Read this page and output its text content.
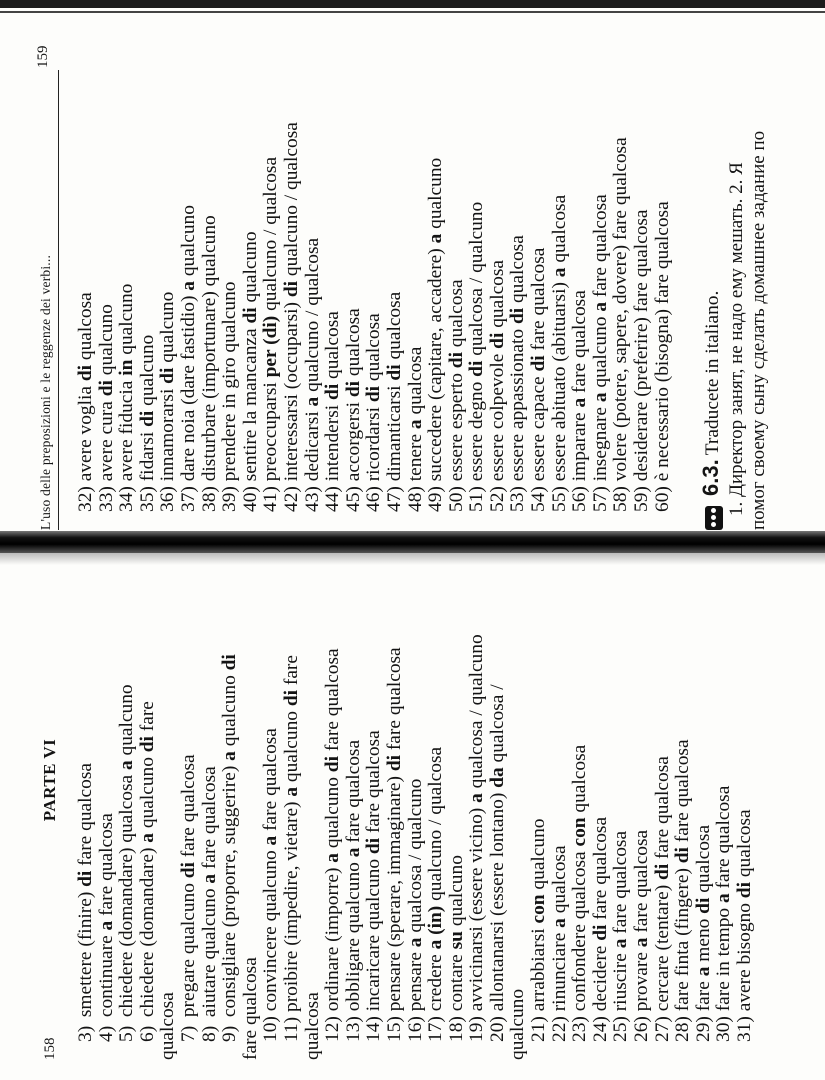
L'uso delle preposizioni e le reggenze dei verbi...
159
32) avere voglia di qualcosa
33) avere cura di qualcuno
34) avere fiducia in qualcuno
35) fidarsi di qualcuno
36) innamorarsi di qualcuno
37) dare noia (dare fastidio) a qualcuno
38) disturbare (importunare) qualcuno
39) prendere in giro qualcuno
40) sentire la mancanza di qualcuno
41) preoccuparsi per (di) qualcuno / qualcosa
42) interessarsi (occuparsi) di qualcuno / qualcosa
43) dedicarsi a qualcuno / qualcosa
44) intendersi di qualcosa
45) accorgersi di qualcosa
46) ricordarsi di qualcosa
47) dimanticarsi di qualcosa
48) tenere a qualcosa
49) succedere (capitare, accadere) a qualcuno
50) essere esperto di qualcosa
51) essere degno di qualcosa / qualcuno
52) essere colpevole di qualcosa
53) essere appassionato di qualcosa
54) essere capace di fare qualcosa
55) essere abituato (abituarsi) a qualcosa
56) imparare a fare qualcosa
57) insegnare a qualcuno a fare qualcosa
58) volere (potere, sapere, dovere) fare qualcosa
59) desiderare (preferire) fare qualcosa
60) è necessario (bisogna) fare qualcosa 6.3. Traducete in italiano. 1. Директор занят, не надо ему мешать. 2. Я помог своему сыну сделать домашнее задание по
158
PARTE VI
3) smettere (finire) di fare qualcosa
4) continuare a fare qualcosa
5) chiedere (domandare) qualcosa a qualcuno
6) chiedere (domandare) a qualcuno di fare
qualcosa 7) pregare qualcuno di fare qualcosa
8) aiutare qualcuno a fare qualcosa
9) consigliare (proporre, suggerire) a qualcuno di
fare qualcosa 10) convincere qualcuno a fare qualcosa
11) proibire (impedire, vietare) a qualcuno di fare
qualcosa 12) ordinare (imporre) a qualcuno di fare qualcosa
13) obbligare qualcuno a fare qualcosa
14) incaricare qualcuno di fare qualcosa
15) pensare (sperare, immaginare) di fare qualcosa
16) pensare a qualcosa / qualcuno
17) credere a (in) qualcuno / qualcosa
18) contare su qualcuno
19) avvicinarsi (essere vicino) a qualcosa / qualcuno
20) allontanarsi (essere lontano) da qualcosa /
qualcuno 21) arrabbiarsi con qualcuno
22) rinunciare a qualcosa
23) confondere qualcosa con qualcosa
24) decidere di fare qualcosa
25) riuscire a fare qualcosa
26) provare a fare qualcosa
27) cercare (tentare) di fare qualcosa
28) fare finta (fingere) di fare qualcosa
29) fare a meno di qualcosa
30) fare in tempo a fare qualcosa
31) avere bisogno di qualcosa
